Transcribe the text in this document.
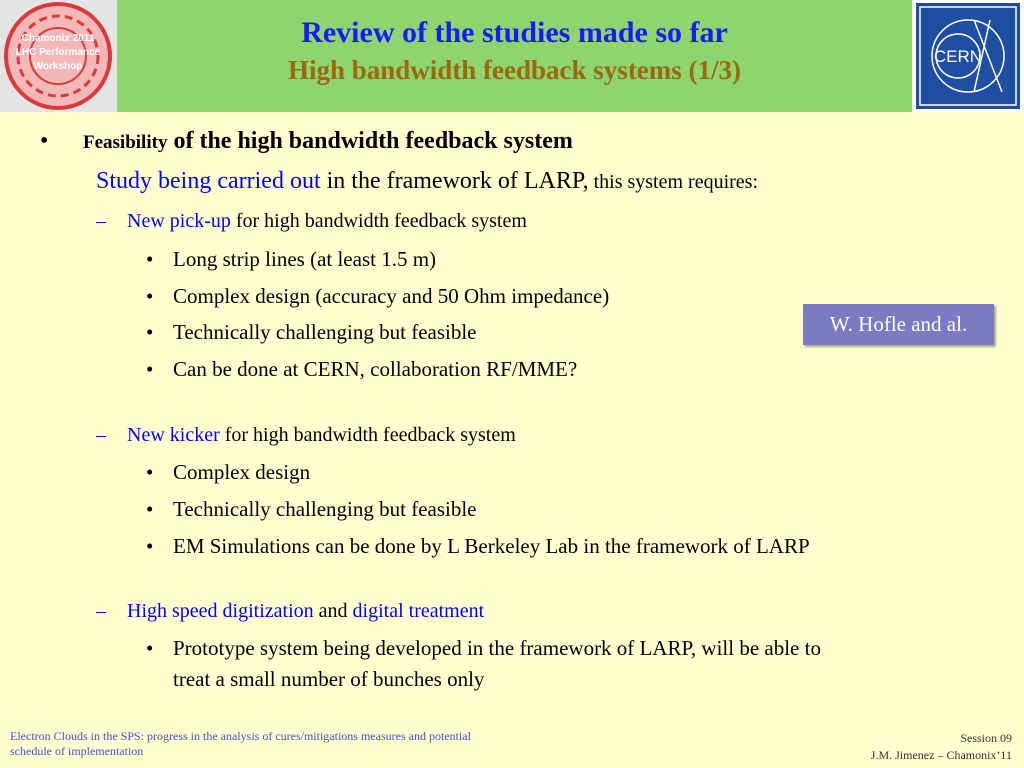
Chamonix 2011
LHC Performance
Workshop
Review of the studies made so far
High bandwidth feedback systems (1/3)	CERN
• Feasibility of the high bandwidth feedback system
Study being carried out in the framework of LARP, this system requires:
– New pick-up for high bandwidth feedback system
• Long strip lines (at least 1.5 m)
• Complex design (accuracy and 50 Ohm impedance)
• Technically challenging but feasible
• Can be done at CERN, collaboration RF/MME?
W. Hofle and al.
– New kicker for high bandwidth feedback system
• Complex design
• Technically challenging but feasible
• EM Simulations can be done by L Berkeley Lab in the framework of LARP
– High speed digitization and digital treatment
• Prototype system being developed in the framework of LARP, will be able to
treat a small number of bunches only
Electron Clouds in the SPS: progress in the analysis of cures/mitigations measures and potential
schedule of implementation
Session 09
J.M. Jimenez – Chamonix’11
